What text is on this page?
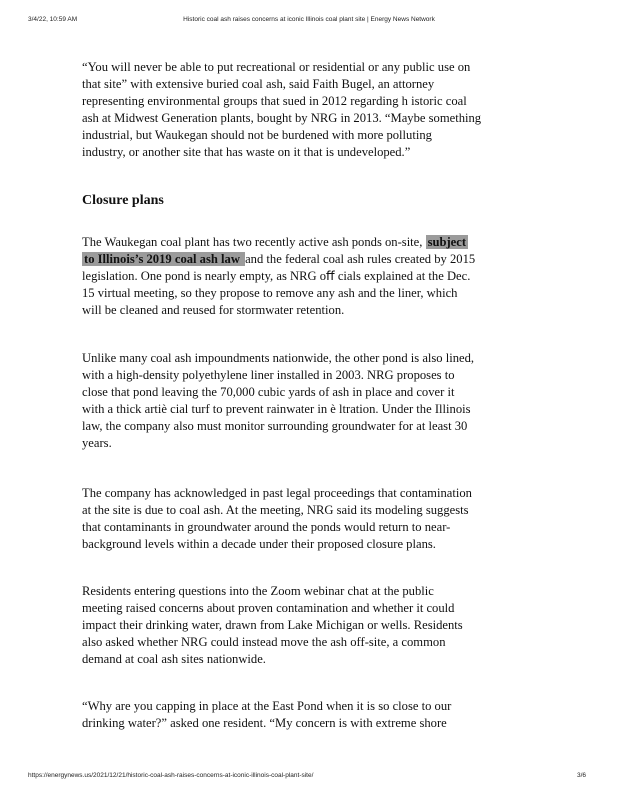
3/4/22, 10:59 AM	Historic coal ash raises concerns at iconic Illinois coal plant site | Energy News Network
“You will never be able to put recreational or residential or any public use on
that site” with extensive buried coal ash, said Faith Bugel, an attorney
representing environmental groups that sued in 2012 regarding h istoric coal
ash at Midwest Generation plants, bought by NRG in 2013. “Maybe something
industrial, but Waukegan should not be burdened with more polluting
industry, or another site that has waste on it that is undeveloped.”
Closure plans
The Waukegan coal plant has two recently active ash ponds on-site, subject
to Illinois’s 2019 coal ash law and the federal coal ash rules created by 2015
legislation. One pond is nearly empty, as NRG oﬀ cials explained at the Dec.
15 virtual meeting, so they propose to remove any ash and the liner, which
will be cleaned and reused for stormwater retention.
Unlike many coal ash impoundments nationwide, the other pond is also lined,
with a high-density polyethylene liner installed in 2003. NRG proposes to
close that pond leaving the 70,000 cubic yards of ash in place and cover it
with a thick artiè cial turf to prevent rainwater in è ltration. Under the Illinois
law, the company also must monitor surrounding groundwater for at least 30
years.
The company has acknowledged in past legal proceedings that contamination
at the site is due to coal ash. At the meeting, NRG said its modeling suggests
that contaminants in groundwater around the ponds would return to near-
background levels within a decade under their proposed closure plans.
Residents entering questions into the Zoom webinar chat at the public
meeting raised concerns about proven contamination and whether it could
impact their drinking water, drawn from Lake Michigan or wells. Residents
also asked whether NRG could instead move the ash off-site, a common
demand at coal ash sites nationwide.
“Why are you capping in place at the East Pond when it is so close to our
drinking water?” asked one resident. “My concern is with extreme shore
https://energynews.us/2021/12/21/historic-coal-ash-raises-concerns-at-iconic-illinois-coal-plant-site/	3/6
